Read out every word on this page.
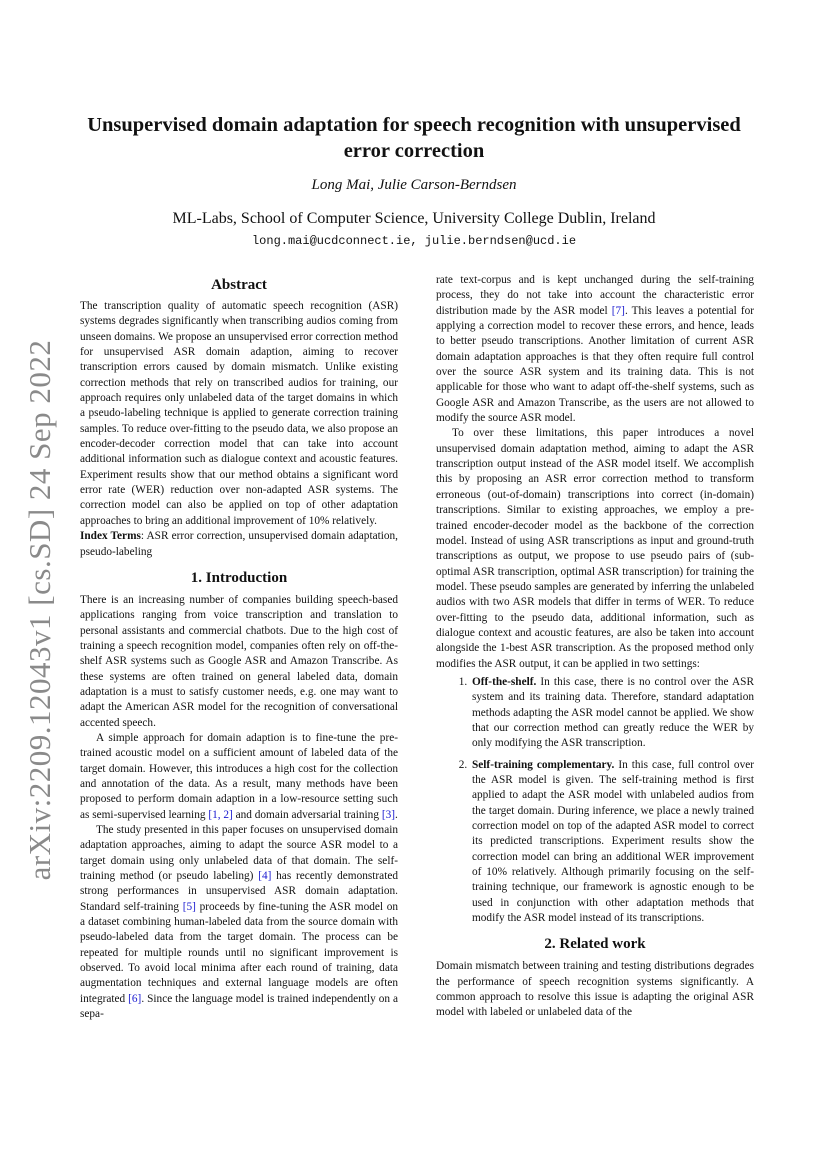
arXiv:2209.12043v1 [cs.SD] 24 Sep 2022
Unsupervised domain adaptation for speech recognition with unsupervised
error correction
Long Mai, Julie Carson-Berndsen
ML-Labs, School of Computer Science, University College Dublin, Ireland
long.mai@ucdconnect.ie, julie.berndsen@ucd.ie
Abstract

The transcription quality of automatic speech recognition (ASR) systems degrades significantly when transcribing audios coming from unseen domains. We propose an unsupervised error correction method for unsupervised ASR domain adaption, aiming to recover transcription errors caused by domain mismatch. Unlike existing correction methods that rely on transcribed audios for training, our approach requires only unlabeled data of the target domains in which a pseudo-labeling technique is applied to generate correction training samples. To reduce over-fitting to the pseudo data, we also propose an encoder-decoder correction model that can take into account additional information such as dialogue context and acoustic features. Experiment results show that our method obtains a significant word error rate (WER) reduction over non-adapted ASR systems. The correction model can also be applied on top of other adaptation approaches to bring an additional improvement of 10% relatively.

Index Terms: ASR error correction, unsupervised domain adaptation, pseudo-labeling

1. Introduction

There is an increasing number of companies building speech-based applications ranging from voice transcription and translation to personal assistants and commercial chatbots. Due to the high cost of training a speech recognition model, companies often rely on off-the-shelf ASR systems such as Google ASR and Amazon Transcribe. As these systems are often trained on general labeled data, domain adaptation is a must to satisfy customer needs, e.g. one may want to adapt the American ASR model for the recognition of conversational accented speech.

A simple approach for domain adaption is to fine-tune the pre-trained acoustic model on a sufficient amount of labeled data of the target domain. However, this introduces a high cost for the collection and annotation of the data. As a result, many methods have been proposed to perform domain adaption in a low-resource setting such as semi-supervised learning [1, 2] and domain adversarial training [3].

The study presented in this paper focuses on unsupervised domain adaptation approaches, aiming to adapt the source ASR model to a target domain using only unlabeled data of that domain. The self-training method (or pseudo labeling) [4] has recently demonstrated strong performances in unsupervised ASR domain adaptation. Standard self-training [5] proceeds by fine-tuning the ASR model on a dataset combining human-labeled data from the source domain with pseudo-labeled data from the target domain. The process can be repeated for multiple rounds until no significant improvement is observed. To avoid local minima after each round of training, data augmentation techniques and external language models are often integrated [6]. Since the language model is trained independently on a sepa-

rate text-corpus and is kept unchanged during the self-training process, they do not take into account the characteristic error distribution made by the ASR model [7]. This leaves a potential for applying a correction model to recover these errors, and hence, leads to better pseudo transcriptions. Another limitation of current ASR domain adaptation approaches is that they often require full control over the source ASR system and its training data. This is not applicable for those who want to adapt off-the-shelf systems, such as Google ASR and Amazon Transcribe, as the users are not allowed to modify the source ASR model.

To over these limitations, this paper introduces a novel unsupervised domain adaptation method, aiming to adapt the ASR transcription output instead of the ASR model itself. We accomplish this by proposing an ASR error correction method to transform erroneous (out-of-domain) transcriptions into correct (in-domain) transcriptions. Similar to existing approaches, we employ a pre-trained encoder-decoder model as the backbone of the correction model. Instead of using ASR transcriptions as input and ground-truth transcriptions as output, we propose to use pseudo pairs of (sub-optimal ASR transcription, optimal ASR transcription) for training the model. These pseudo samples are generated by inferring the unlabeled audios with two ASR models that differ in terms of WER. To reduce over-fitting to the pseudo data, additional information, such as dialogue context and acoustic features, are also be taken into account alongside the 1-best ASR transcription. As the proposed method only modifies the ASR output, it can be applied in two settings:

1. Off-the-shelf. In this case, there is no control over the ASR system and its training data. Therefore, standard adaptation methods adapting the ASR model cannot be applied. We show that our correction method can greatly reduce the WER by only modifying the ASR transcription.
2. Self-training complementary. In this case, full control over the ASR model is given. The self-training method is first applied to adapt the ASR model with unlabeled audios from the target domain. During inference, we place a newly trained correction model on top of the adapted ASR model to correct its predicted transcriptions. Experiment results show the correction model can bring an additional WER improvement of 10% relatively. Although primarily focusing on the self-training technique, our framework is agnostic enough to be used in conjunction with other adaptation methods that modify the ASR model instead of its transcriptions.
2. Related work

Domain mismatch between training and testing distributions degrades the performance of speech recognition systems significantly. A common approach to resolve this issue is adapting the original ASR model with labeled or unlabeled data of the
